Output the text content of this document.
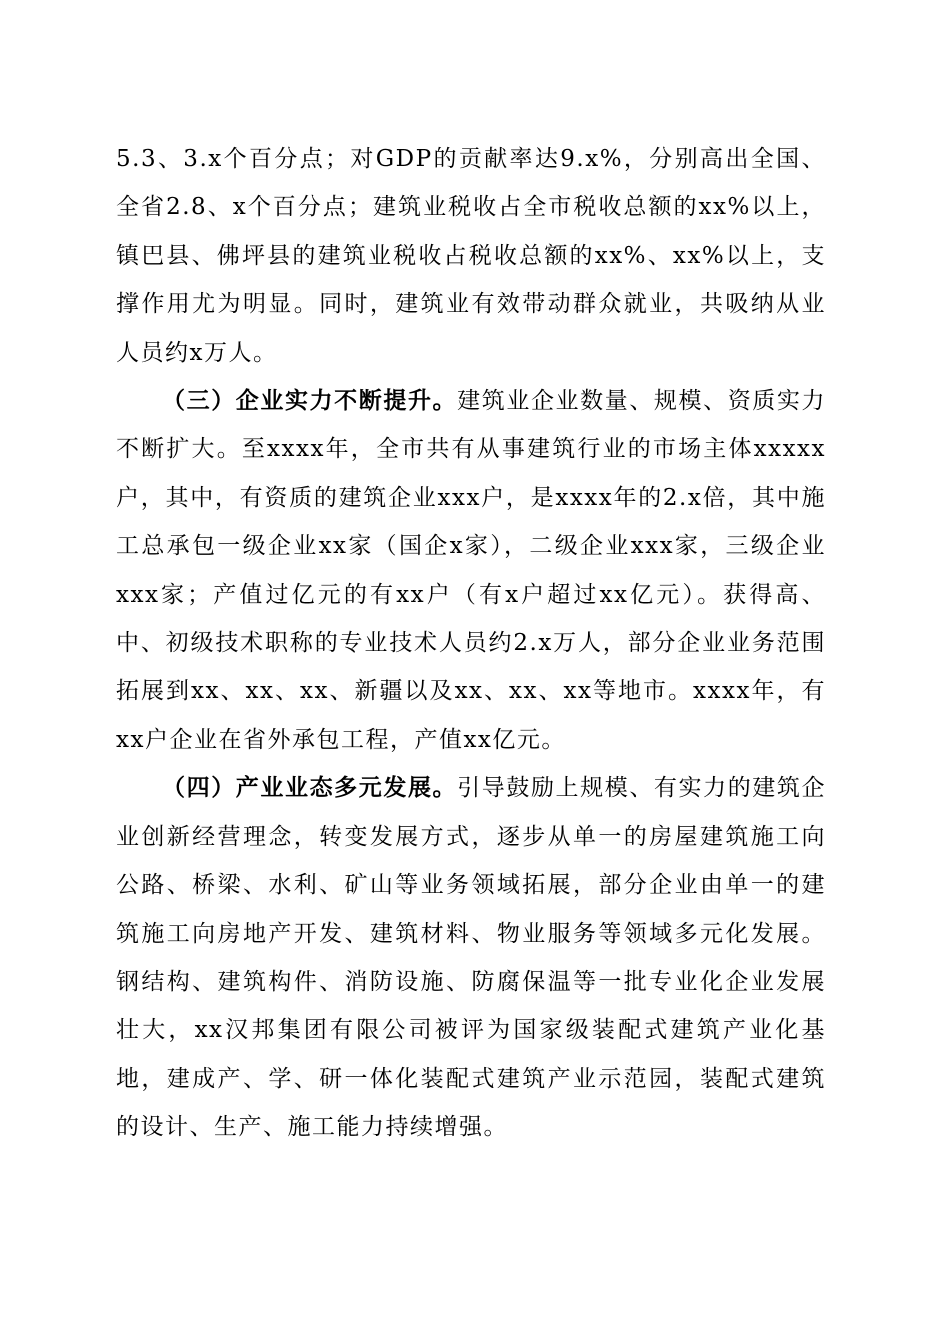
5.3、3.x个百分点；对GDP的贡献率达9.x%，分别高出全国、全省2.8、x个百分点；建筑业税收占全市税收总额的xx%以上，镇巴县、佛坪县的建筑业税收占税收总额的xx%、xx%以上，支撑作用尤为明显。同时，建筑业有效带动群众就业，共吸纳从业人员约x万人。

（三）企业实力不断提升。建筑业企业数量、规模、资质实力不断扩大。至xxxx年，全市共有从事建筑行业的市场主体xxxxx户，其中，有资质的建筑企业xxx户，是xxxx年的2.x倍，其中施工总承包一级企业xx家（国企x家），二级企业xxx家，三级企业xxx家；产值过亿元的有xx户（有x户超过xx亿元）。获得高、中、初级技术职称的专业技术人员约2.x万人，部分企业业务范围拓展到xx、xx、xx、新疆以及xx、xx、xx等地市。xxxx年，有xx户企业在省外承包工程，产值xx亿元。

（四）产业业态多元发展。引导鼓励上规模、有实力的建筑企业创新经营理念，转变发展方式，逐步从单一的房屋建筑施工向公路、桥梁、水利、矿山等业务领域拓展，部分企业由单一的建筑施工向房地产开发、建筑材料、物业服务等领域多元化发展。钢结构、建筑构件、消防设施、防腐保温等一批专业化企业发展壮大，xx汉邦集团有限公司被评为国家级装配式建筑产业化基地，建成产、学、研一体化装配式建筑产业示范园，装配式建筑的设计、生产、施工能力持续增强。
